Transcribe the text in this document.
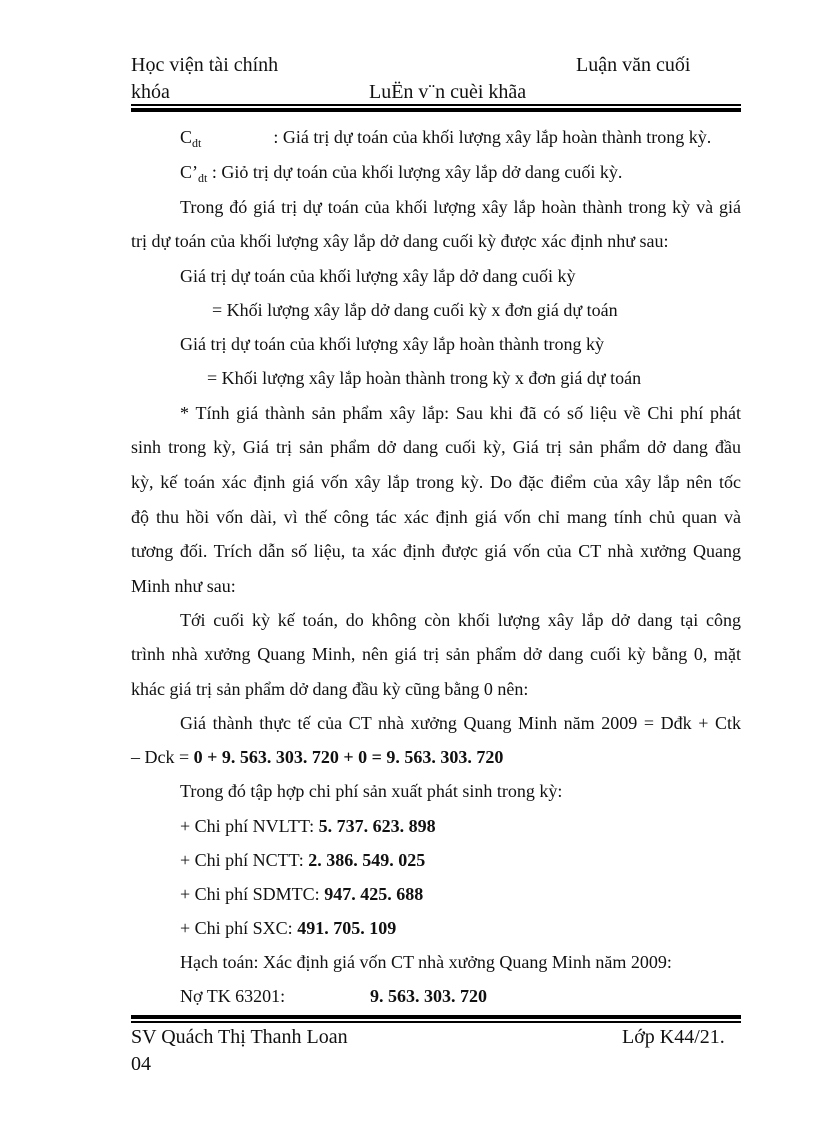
Học viện tài chính	Luận văn cuối
khóa	LuËn v¨n cuèi khãa
$C_{dt}$	: Giá trị dự toán của khối lượng xây lắp hoàn thành trong kỳ.
$C’_{dt}$ : Giỏ trị dự toán của khối lượng xây lắp dở dang cuối kỳ.
Trong đó giá trị dự toán của khối lượng xây lắp hoàn thành trong kỳ và giá
trị dự toán của khối lượng xây lắp dở dang cuối kỳ được xác định như sau:
Giá trị dự toán của khối lượng xây lắp dở dang cuối kỳ
= Khối lượng xây lắp dở dang cuối kỳ x đơn giá dự toán
Giá trị dự toán của khối lượng xây lắp hoàn thành trong kỳ
= Khối lượng xây lắp hoàn thành trong kỳ x đơn giá dự toán
* Tính giá thành sản phẩm xây lắp: Sau khi đã có số liệu về Chi phí phát
sinh trong kỳ, Giá trị sản phẩm dở dang cuối kỳ, Giá trị sản phẩm dở dang đầu
kỳ, kế toán xác định giá vốn xây lắp trong kỳ. Do đặc điểm của xây lắp nên tốc
độ thu hồi vốn dài, vì thế công tác xác định giá vốn chỉ mang tính chủ quan và
tương đối. Trích dẫn số liệu, ta xác định được giá vốn của CT nhà xưởng Quang
Minh như sau:
Tới cuối kỳ kế toán, do không còn khối lượng xây lắp dở dang tại công
trình nhà xưởng Quang Minh, nên giá trị sản phẩm dở dang cuối kỳ bằng 0, mặt
khác giá trị sản phẩm dở dang đầu kỳ cũng bằng 0 nên:
Giá thành thực tế của CT nhà xưởng Quang Minh năm 2009 = Dđk + Ctk
– Dck = 0 + 9. 563. 303. 720 + 0 = 9. 563. 303. 720
Trong đó tập hợp chi phí sản xuất phát sinh trong kỳ:
+ Chi phí NVLTT: 5. 737. 623. 898
+ Chi phí NCTT: 2. 386. 549. 025
+ Chi phí SDMTC: 947. 425. 688
+ Chi phí SXC: 491. 705. 109
Hạch toán: Xác định giá vốn CT nhà xưởng Quang Minh năm 2009:
Nợ TK 63201:	9. 563. 303. 720
SV Quách Thị Thanh Loan	Lớp K44/21.
04
